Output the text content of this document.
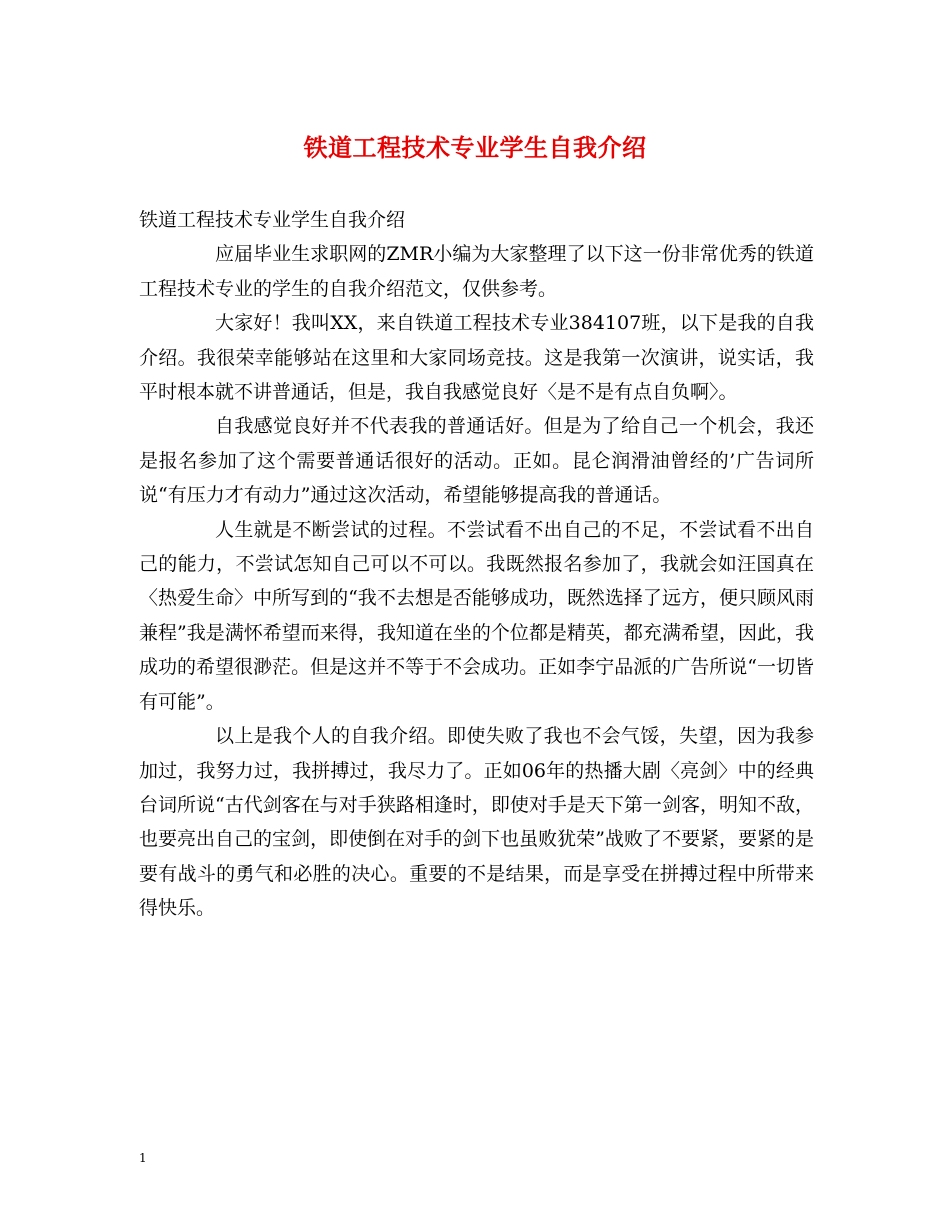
铁道工程技术专业学生自我介绍

铁道工程技术专业学生自我介绍

应届毕业生求职网的ZMR小编为大家整理了以下这一份非常优秀的铁道工程技术专业的学生的自我介绍范文，仅供参考。

大家好！我叫XX，来自铁道工程技术专业384107班，以下是我的自我介绍。我很荣幸能够站在这里和大家同场竞技。这是我第一次演讲，说实话，我平时根本就不讲普通话，但是，我自我感觉良好〈是不是有点自负啊〉。

自我感觉良好并不代表我的普通话好。但是为了给自己一个机会，我还是报名参加了这个需要普通话很好的活动。正如。昆仑润滑油曾经的’广告词所说“有压力才有动力”通过这次活动，希望能够提高我的普通话。

人生就是不断尝试的过程。不尝试看不出自己的不足，不尝试看不出自己的能力，不尝试怎知自己可以不可以。我既然报名参加了，我就会如汪国真在〈热爱生命〉中所写到的“我不去想是否能够成功，既然选择了远方，便只顾风雨兼程”我是满怀希望而来得，我知道在坐的个位都是精英，都充满希望，因此，我成功的希望很渺茫。但是这并不等于不会成功。正如李宁品派的广告所说“一切皆有可能”。

以上是我个人的自我介绍。即使失败了我也不会气馁，失望，因为我参加过，我努力过，我拼搏过，我尽力了。正如06年的热播大剧〈亮剑〉中的经典台词所说“古代剑客在与对手狭路相逢时，即使对手是天下第一剑客，明知不敌，也要亮出自己的宝剑，即使倒在对手的剑下也虽败犹荣”战败了不要紧，要紧的是要有战斗的勇气和必胜的决心。重要的不是结果，而是享受在拼搏过程中所带来得快乐。

1
